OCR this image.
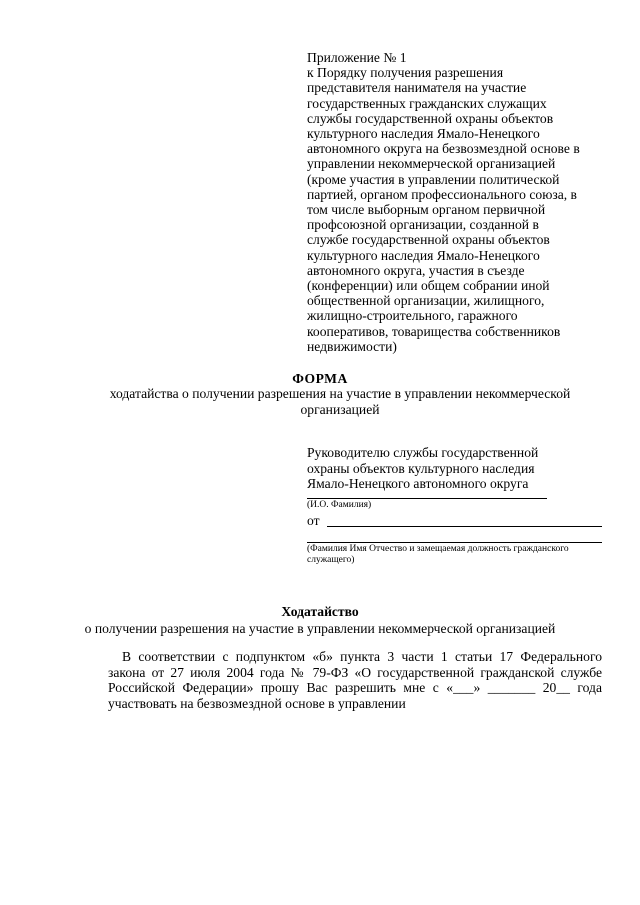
Приложение № 1
к Порядку получения разрешения
представителя нанимателя на участие
государственных гражданских служащих
службы государственной охраны объектов
культурного наследия Ямало-Ненецкого
автономного округа на безвозмездной основе в
управлении некоммерческой организацией
(кроме участия в управлении политической
партией, органом профессионального союза, в
том числе выборным органом первичной
профсоюзной организации, созданной в
службе государственной охраны объектов
культурного наследия Ямало-Ненецкого
автономного округа, участия в съезде
(конференции) или общем собрании иной
общественной организации, жилищного,
жилищно-строительного, гаражного
кооперативов, товарищества собственников
недвижимости)
ФОРМА
ходатайства о получении разрешения на участие в управлении некоммерческой
организацией
Руководителю службы государственной
охраны объектов культурного наследия
Ямало-Ненецкого автономного округа
(И.О. Фамилия)
от
(Фамилия Имя Отчество и замещаемая должность гражданского
служащего)
Ходатайство
о получении разрешения на участие в управлении некоммерческой организацией
В соответствии с подпунктом «б» пункта 3 части 1 статьи 17 Федерального
закона от 27 июля 2004 года № 79-ФЗ «О государственной гражданской службе
Российской Федерации» прошу Вас разрешить мне с «___» _______ 20__ года
участвовать на безвозмездной основе в управлении
